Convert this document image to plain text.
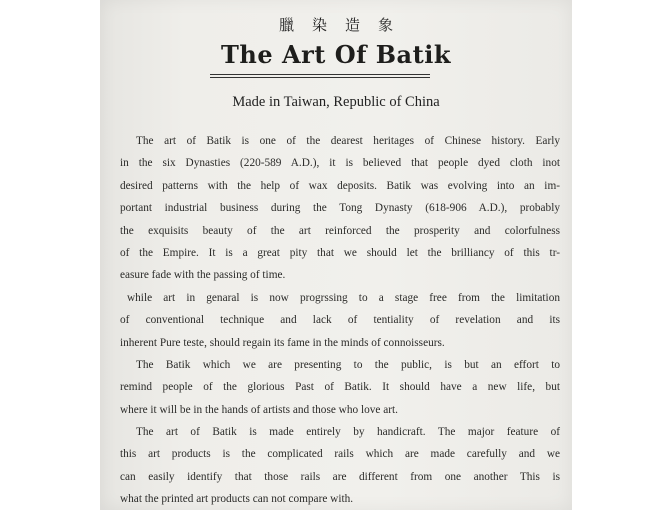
臘染造象
The Art Of Batik
Made in Taiwan, Republic of China
The art of Batik is one of the dearest heritages of Chinese history. Early
in the six Dynasties (220-589 A.D.), it is believed that people dyed cloth inot
desired patterns with the help of wax deposits. Batik was evolving into an im-
portant industrial business during the Tong Dynasty (618-906 A.D.), probably
the exquisits beauty of the art reinforced the prosperity and colorfulness
of the Empire. It is a great pity that we should let the brilliancy of this tr-
easure fade with the passing of time.
while art in genaral is now progrssing to a stage free from the limitation
of conventional technique and lack of tentiality of revelation and its
inherent Pure teste, should regain its fame in the minds of connoisseurs.
The Batik which we are presenting to the public, is but an effort to
remind people of the glorious Past of Batik. It should have a new life, but
where it will be in the hands of artists and those who love art.
The art of Batik is made entirely by handicraft. The major feature of
this art products is the complicated rails which are made carefully and we
can easily identify that those rails are different from one another This is
what the printed art products can not compare with.
